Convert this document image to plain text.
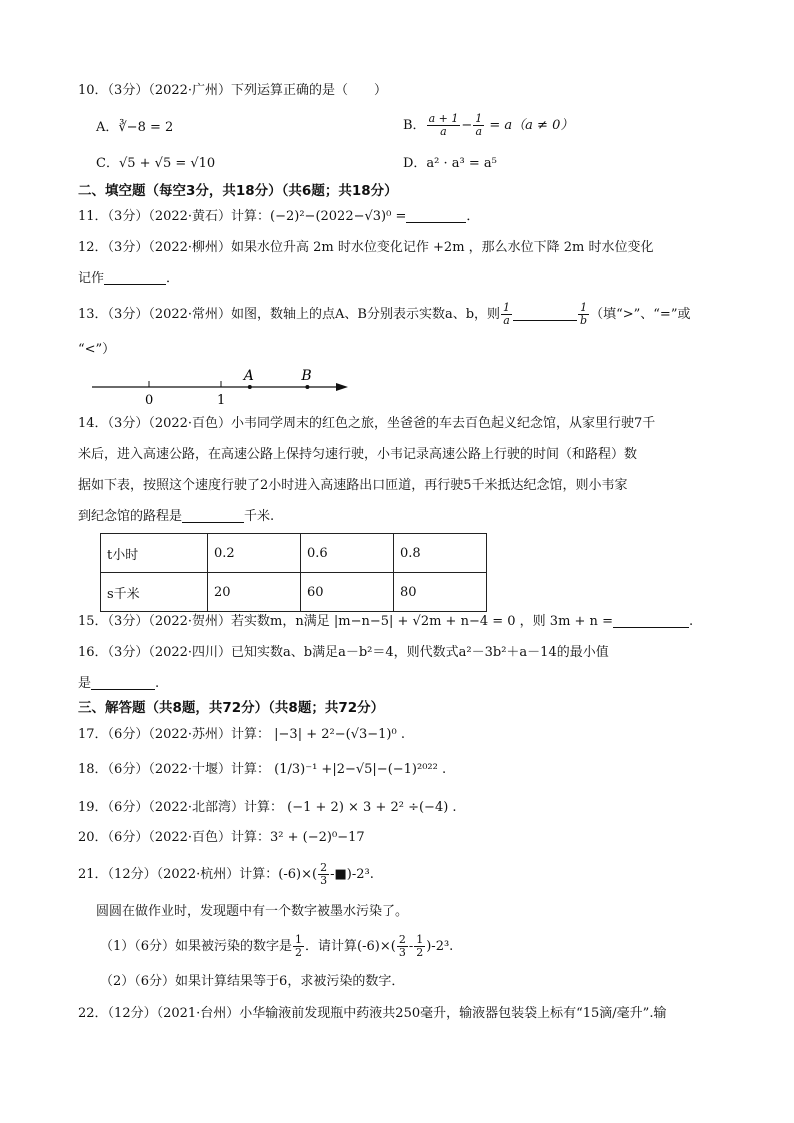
10．（3分）（2022·广州）下列运算正确的是（　　）
A．∛−8 = 2	B． $\frac{a + 1}{a} - \frac{1}{a} = a(a \ne 0)$
C．√5 + √5 = √10	D．a² · a³ = a⁵
二、填空题（每空3分，共18分）（共6题；共18分）
11．（3分）（2022·黄石）计算：(−2)²−(2022−√3)⁰ =	．
12．（3分）（2022·柳州）如果水位升高 2m 时水位变化记作 +2m ，那么水位下降 2m 时水位变化
记作	．
13．（3分）（2022·常州）如图，数轴上的点A、B分别表示实数a、b，则 $\frac{1}{a}$	$\frac{1}{b}$ （填“>”、“=”或
“<”）
0	1
A	B
14．（3分）（2022·百色）小韦同学周末的红色之旅，坐爸爸的车去百色起义纪念馆，从家里行驶7千
米后，进入高速公路，在高速公路上保持匀速行驶，小韦记录高速公路上行驶的时间（和路程）数
据如下表，按照这个速度行驶了2小时进入高速路出口匝道，再行驶5千米抵达纪念馆，则小韦家
到纪念馆的路程是	千米.
t小时	0.2	0.6	0.8
s千米	20	60	80
15．（3分）（2022·贺州）若实数m，n满足 |m−n−5| + √2m + n−4 = 0 ，则 3m + n =	.
16．（3分）（2022·四川）已知实数a、b满足a－b²＝4，则代数式a²－3b²＋a－14的最小值
是	.
三、解答题（共8题，共72分）（共8题；共72分）
17．（6分）（2022·苏州）计算： |−3| + 2²−(√3−1)⁰ .
18．（6分）（2022·十堰）计算： (1/3)⁻¹ +|2−√5|−(−1)²⁰²² .
19．（6分）（2022·北部湾）计算： (−1 + 2) × 3 + 2² ÷(−4) .
20．（6分）（2022·百色）计算：3² + (−2)⁰−17
21．（12分）（2022·杭州）计算：$(-6)\times( \frac{2}{3}$ -■)-2³.
圆圆在做作业时，发现题中有一个数字被墨水污染了。
（1）（6分）如果被污染的数字是 $\frac{1}{2}$ ．请计算$(-6)\times( \frac{2}{3} - \frac{1}{2} )-2^3$.
（2）（6分）如果计算结果等于6，求被污染的数字．
22．（12分）（2021·台州）小华输液前发现瓶中药液共250毫升，输液器包装袋上标有“15滴/毫升”.输
